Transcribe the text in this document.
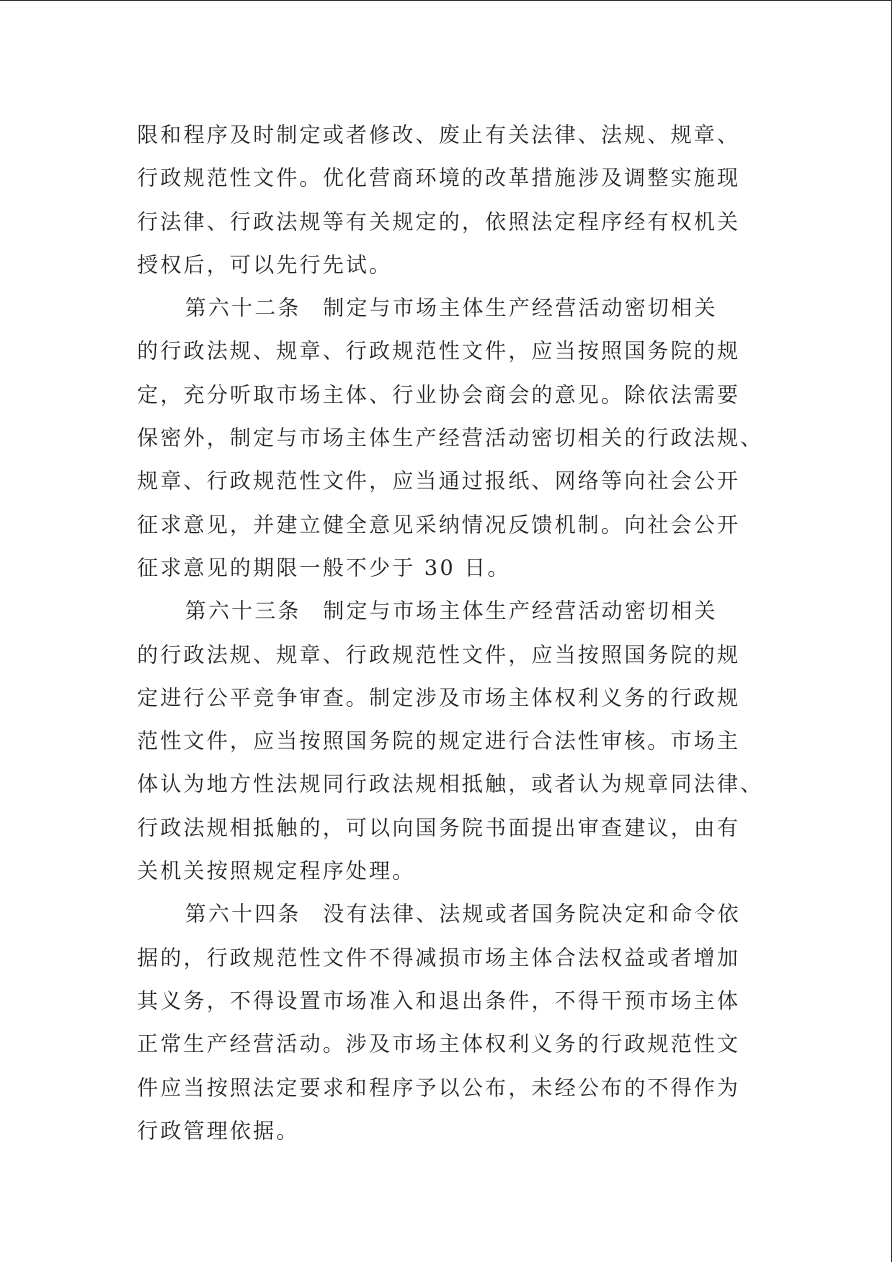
限和程序及时制定或者修改、废止有关法律、法规、规章、
行政规范性文件。优化营商环境的改革措施涉及调整实施现
行法律、行政法规等有关规定的，依照法定程序经有权机关
授权后，可以先行先试。
第六十二条 制定与市场主体生产经营活动密切相关
的行政法规、规章、行政规范性文件，应当按照国务院的规
定，充分听取市场主体、行业协会商会的意见。除依法需要
保密外，制定与市场主体生产经营活动密切相关的行政法规、
规章、行政规范性文件，应当通过报纸、网络等向社会公开
征求意见，并建立健全意见采纳情况反馈机制。向社会公开
征求意见的期限一般不少于 30 日。
第六十三条 制定与市场主体生产经营活动密切相关
的行政法规、规章、行政规范性文件，应当按照国务院的规
定进行公平竞争审查。制定涉及市场主体权利义务的行政规
范性文件，应当按照国务院的规定进行合法性审核。市场主
体认为地方性法规同行政法规相抵触，或者认为规章同法律、
行政法规相抵触的，可以向国务院书面提出审查建议，由有
关机关按照规定程序处理。
第六十四条 没有法律、法规或者国务院决定和命令依
据的，行政规范性文件不得减损市场主体合法权益或者增加
其义务，不得设置市场准入和退出条件，不得干预市场主体
正常生产经营活动。涉及市场主体权利义务的行政规范性文
件应当按照法定要求和程序予以公布，未经公布的不得作为
行政管理依据。
